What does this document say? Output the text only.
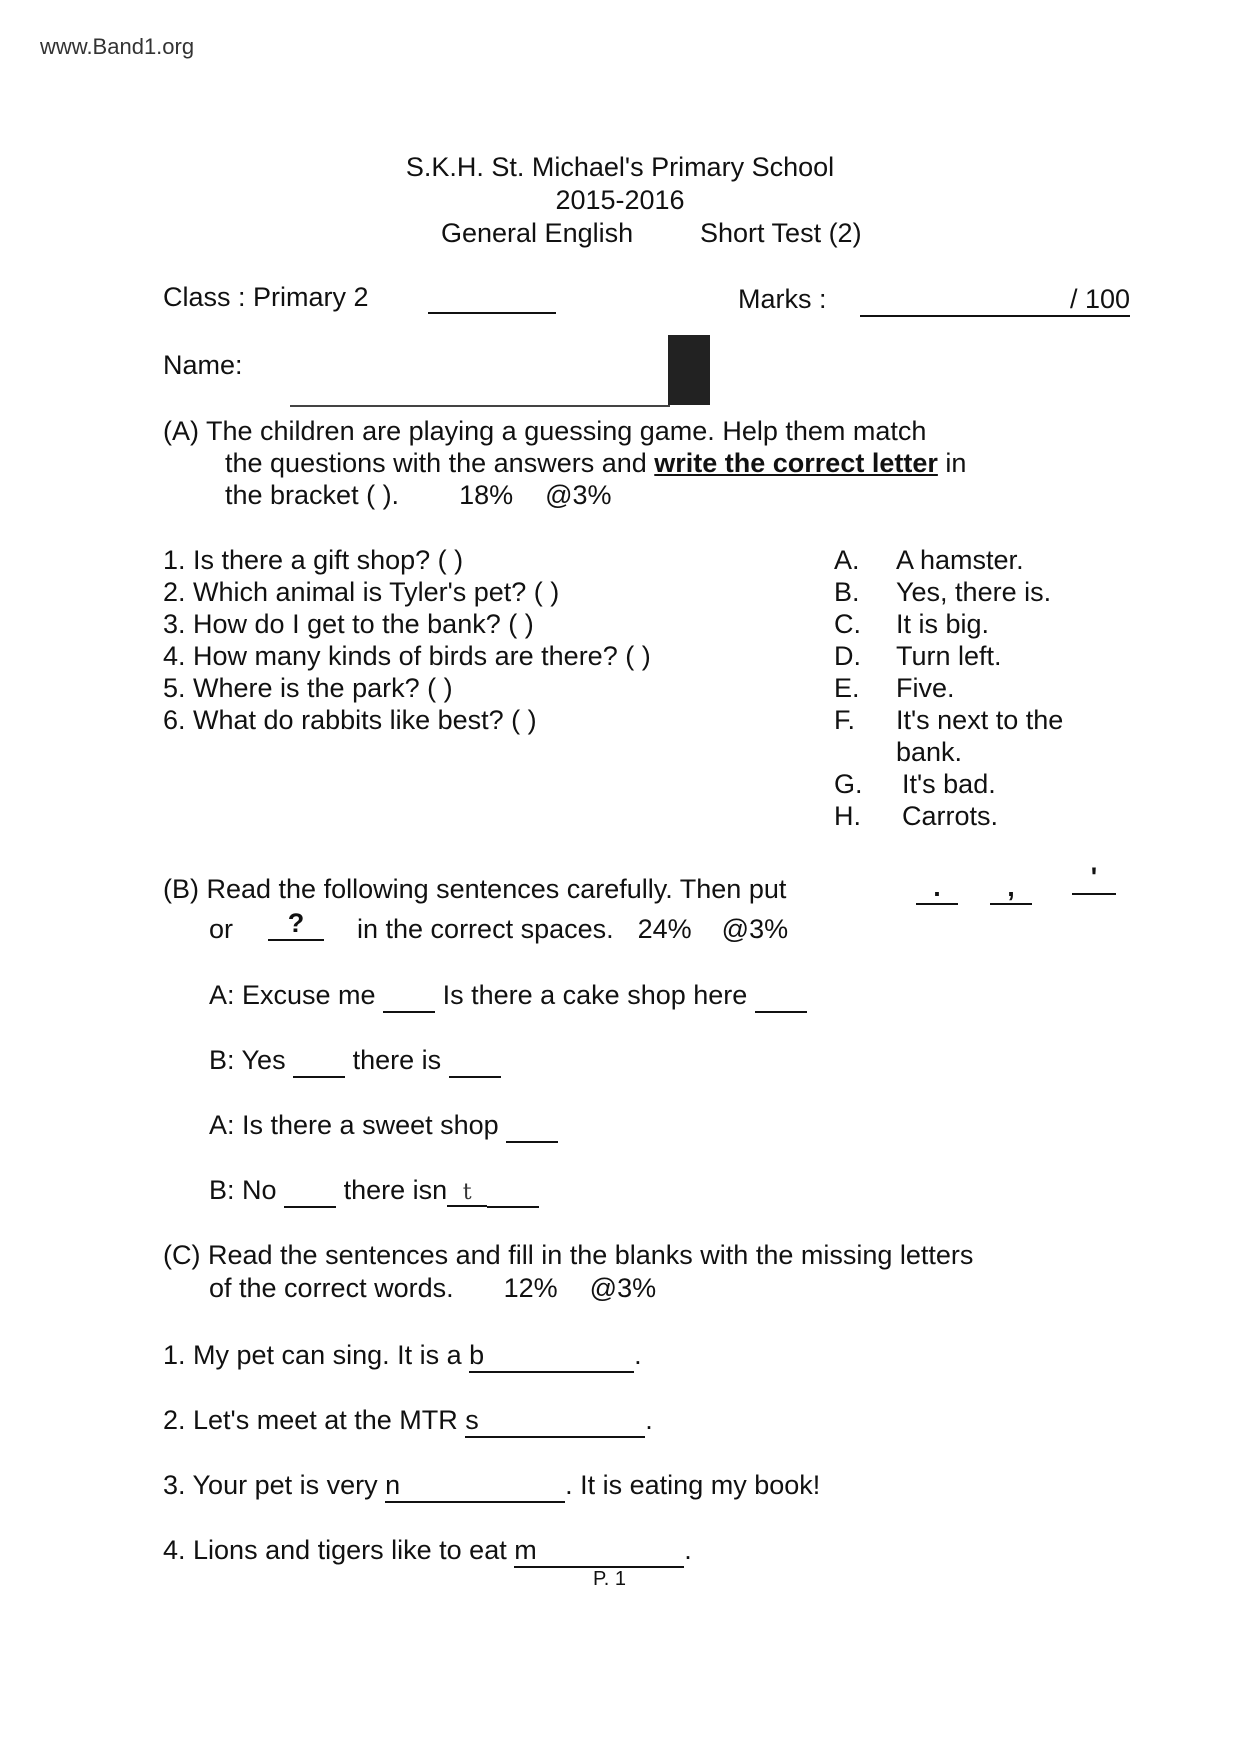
www.Band1.org
S.K.H. St. Michael's Primary School
2015-2016
General English Short Test (2)
Class : Primary 2	Marks :	/ 100
Name:
(A) The children are playing a guessing game. Help them match
the questions with the answers and write the correct letter in
the bracket ( ). 18% @3%
1. Is there a gift shop? ( )
2. Which animal is Tyler's pet? ( )
3. How do I get to the bank? ( )
4. How many kinds of birds are there? ( )
5. Where is the park? ( )
6. What do rabbits like best? ( )
A. A hamster.
B. Yes, there is.
C. It is big.
D. Turn left.
E. Five.
F. It's next to the
bank.
G. It's bad.
H. Carrots.
(B) Read the following sentences carefully. Then put	.	,	'
or	?	in the correct spaces. 24% @3%
A: Excuse me Is there a cake shop here
B: Yes there is
A: Is there a sweet shop
B: No there isn t
(C) Read the sentences and fill in the blanks with the missing letters
of the correct words. 12% @3%
1. My pet can sing. It is a b	.
2. Let's meet at the MTR s	.
3. Your pet is very n	. It is eating my book!
4. Lions and tigers like to eat m	.
P. 1
